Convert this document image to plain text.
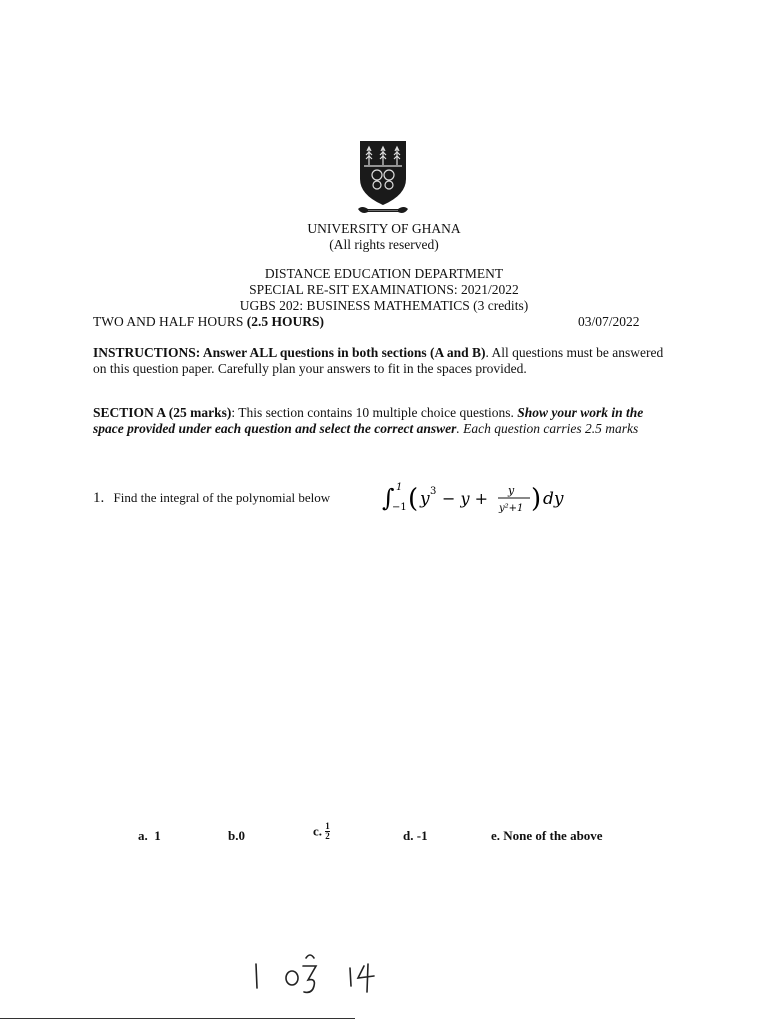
UNIVERSITY OF GHANA
(All rights reserved)
DISTANCE EDUCATION DEPARTMENT
SPECIAL RE-SIT EXAMINATIONS: 2021/2022
UGBS 202: BUSINESS MATHEMATICS (3 credits)
TWO AND HALF HOURS (2.5 HOURS)	03/07/2022
INSTRUCTIONS: Answer ALL questions in both sections (A and B). All questions must be answered on this question paper. Carefully plan your answers to fit in the spaces provided.
SECTION A (25 marks): This section contains 10 multiple choice questions. Show your work in the space provided under each question and select the correct answer. Each question carries 2.5 marks
1. Find the integral of the polynomial below ∫ 1
−1 ( y 3 − y + y
y²+1 ) dy
a. 1	b.0	c. $\frac{1}{2}$	d. -1	e. None of the above
